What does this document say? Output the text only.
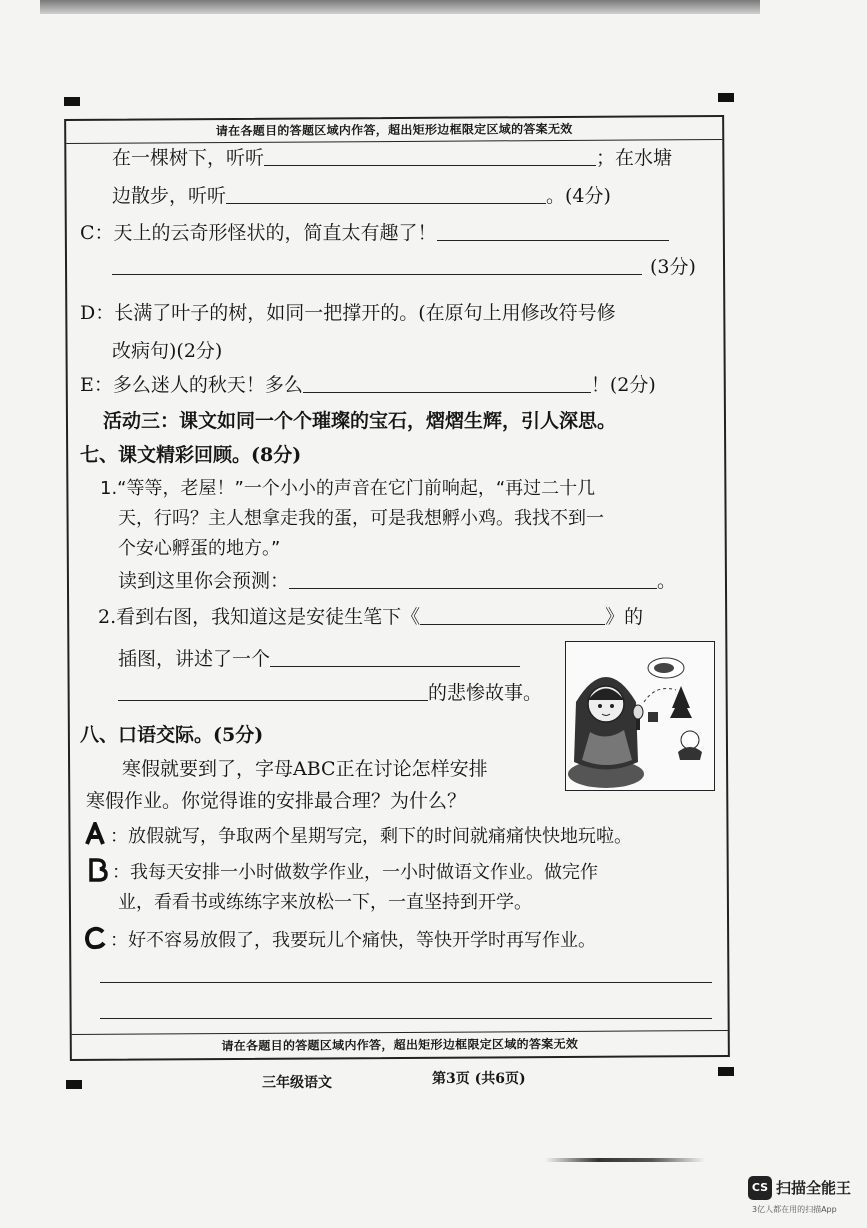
请在各题目的答题区域内作答，超出矩形边框限定区域的答案无效
请在各题目的答题区域内作答，超出矩形边框限定区域的答案无效
在一棵树下，听听	；在水塘
边散步，听听	。(4分)
C：天上的云奇形怪状的，简直太有趣了！
(3分)
D：长满了叶子的树，如同一把撑开的。(在原句上用修改符号修
改病句)(2分)
E：多么迷人的秋天！多么	！(2分)
活动三：课文如同一个个璀璨的宝石，熠熠生辉，引人深思。
七、课文精彩回顾。(8分)
1.“等等，老屋！”一个小小的声音在它门前响起，“再过二十几
天，行吗？主人想拿走我的蛋，可是我想孵小鸡。我找不到一
个安心孵蛋的地方。”
读到这里你会预测：	。
2.看到右图，我知道这是安徒生笔下《	》的
插图，讲述了一个
的悲惨故事。
八、口语交际。(5分)
寒假就要到了，字母ABC正在讨论怎样安排
寒假作业。你觉得谁的安排最合理？为什么？
：放假就写，争取两个星期写完，剩下的时间就痛痛快快地玩啦。
：我每天安排一小时做数学作业，一小时做语文作业。做完作
业，看看书或练练字来放松一下，一直坚持到开学。
：好不容易放假了，我要玩儿个痛快，等快开学时再写作业。
三年级语文	第3页 (共6页)
CS 扫描全能王
3亿人都在用的扫描App
